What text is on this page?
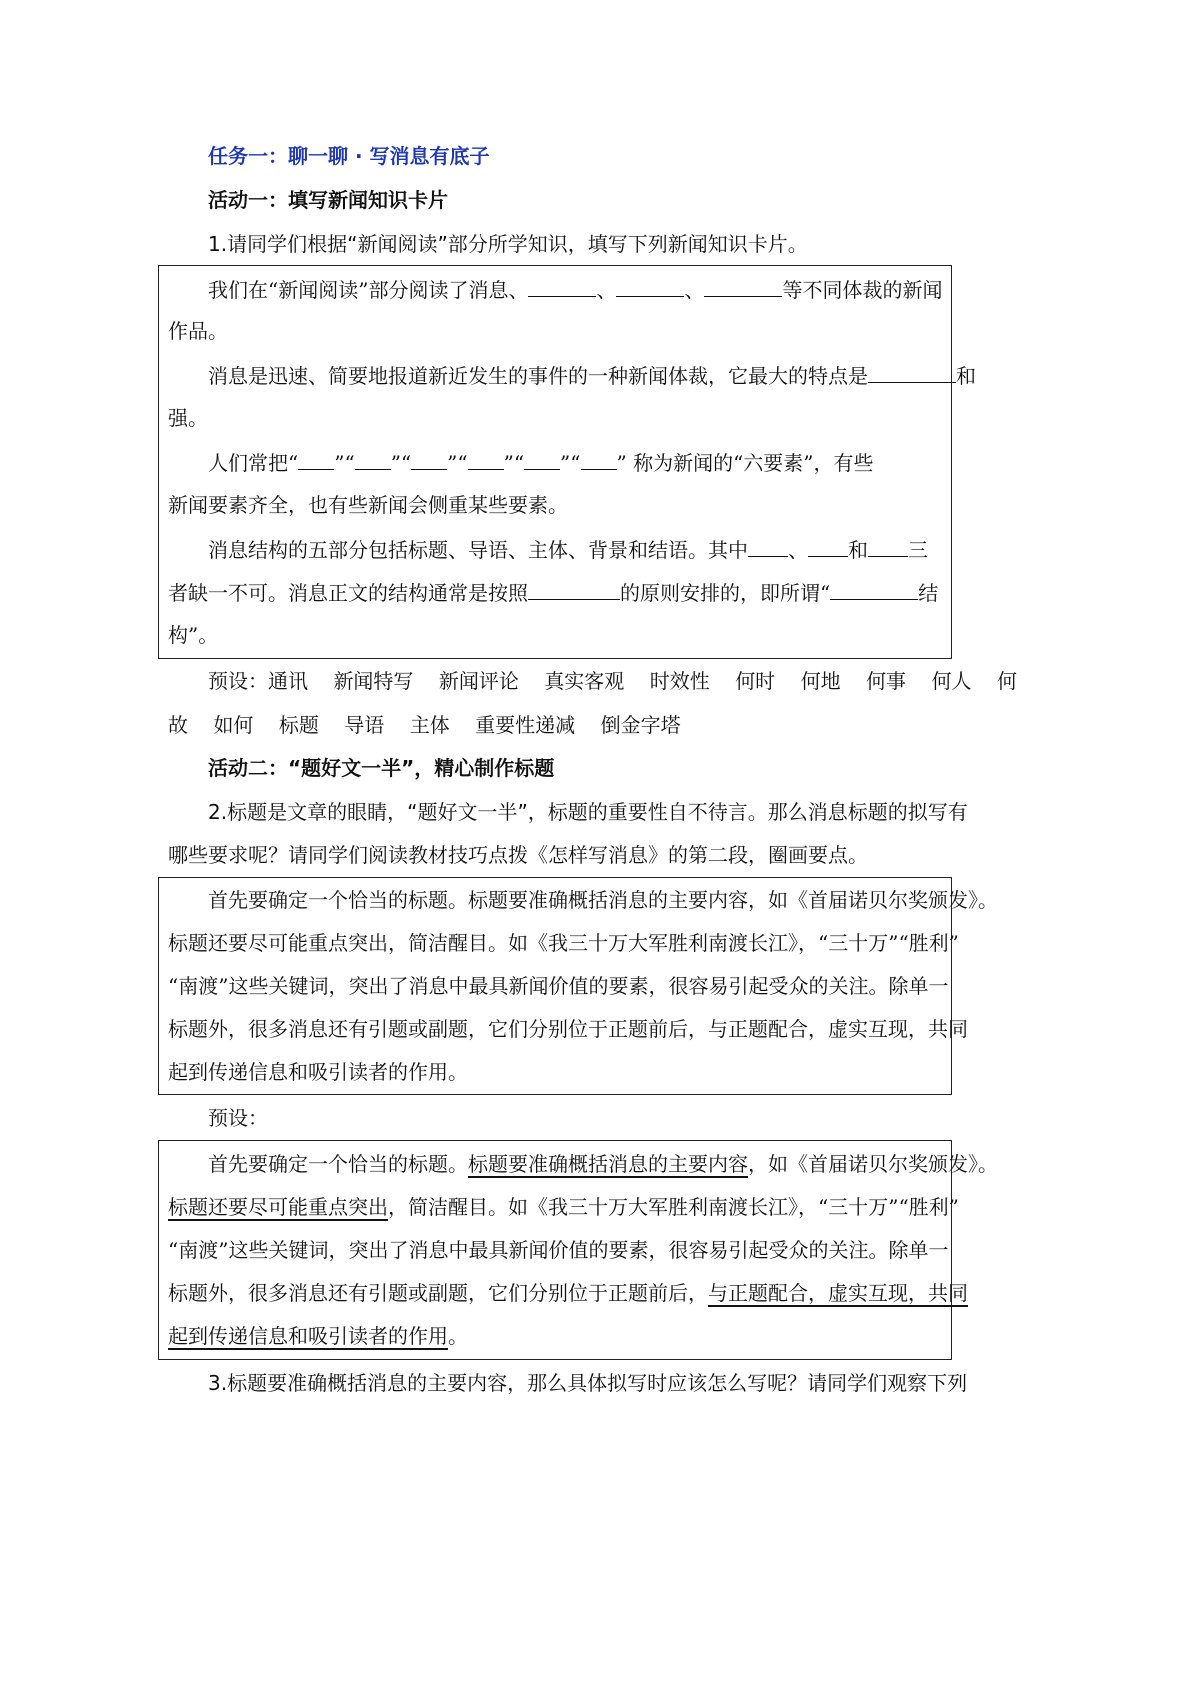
任务一：聊一聊 · 写消息有底子
活动一：填写新闻知识卡片
1.请同学们根据“新闻阅读”部分所学知识，填写下列新闻知识卡片。
我们在“新闻阅读”部分阅读了消息、	、	、	等不同体裁的新闻
作品。
消息是迅速、简要地报道新近发生的事件的一种新闻体裁，它最大的特点是	和
强。
人们常把“ ”“ ”“ ”“ ”“ ”“ ” 称为新闻的“六要素”，有些
新闻要素齐全，也有些新闻会侧重某些要素。
消息结构的五部分包括标题、导语、主体、背景和结语。其中 、 和 三
者缺一不可。消息正文的结构通常是按照	的原则安排的，即所谓“	结
构”。
预设：通讯 新闻特写 新闻评论 真实客观 时效性 何时 何地 何事 何人 何
故 如何 标题 导语 主体 重要性递减 倒金字塔
活动二：“题好文一半”，精心制作标题
2.标题是文章的眼睛，“题好文一半”，标题的重要性自不待言。那么消息标题的拟写有
哪些要求呢？请同学们阅读教材技巧点拨《怎样写消息》的第二段，圈画要点。
首先要确定一个恰当的标题。标题要准确概括消息的主要内容，如《首届诺贝尔奖颁发》。
标题还要尽可能重点突出，简洁醒目。如《我三十万大军胜利南渡长江》，“三十万”“胜利”
“南渡”这些关键词，突出了消息中最具新闻价值的要素，很容易引起受众的关注。除单一
标题外，很多消息还有引题或副题，它们分别位于正题前后，与正题配合，虚实互现，共同
起到传递信息和吸引读者的作用。
预设：
首先要确定一个恰当的标题。标题要准确概括消息的主要内容，如《首届诺贝尔奖颁发》。
标题还要尽可能重点突出，简洁醒目。如《我三十万大军胜利南渡长江》，“三十万”“胜利”
“南渡”这些关键词，突出了消息中最具新闻价值的要素，很容易引起受众的关注。除单一
标题外，很多消息还有引题或副题，它们分别位于正题前后，与正题配合，虚实互现，共同
起到传递信息和吸引读者的作用。
3.标题要准确概括消息的主要内容，那么具体拟写时应该怎么写呢？请同学们观察下列
